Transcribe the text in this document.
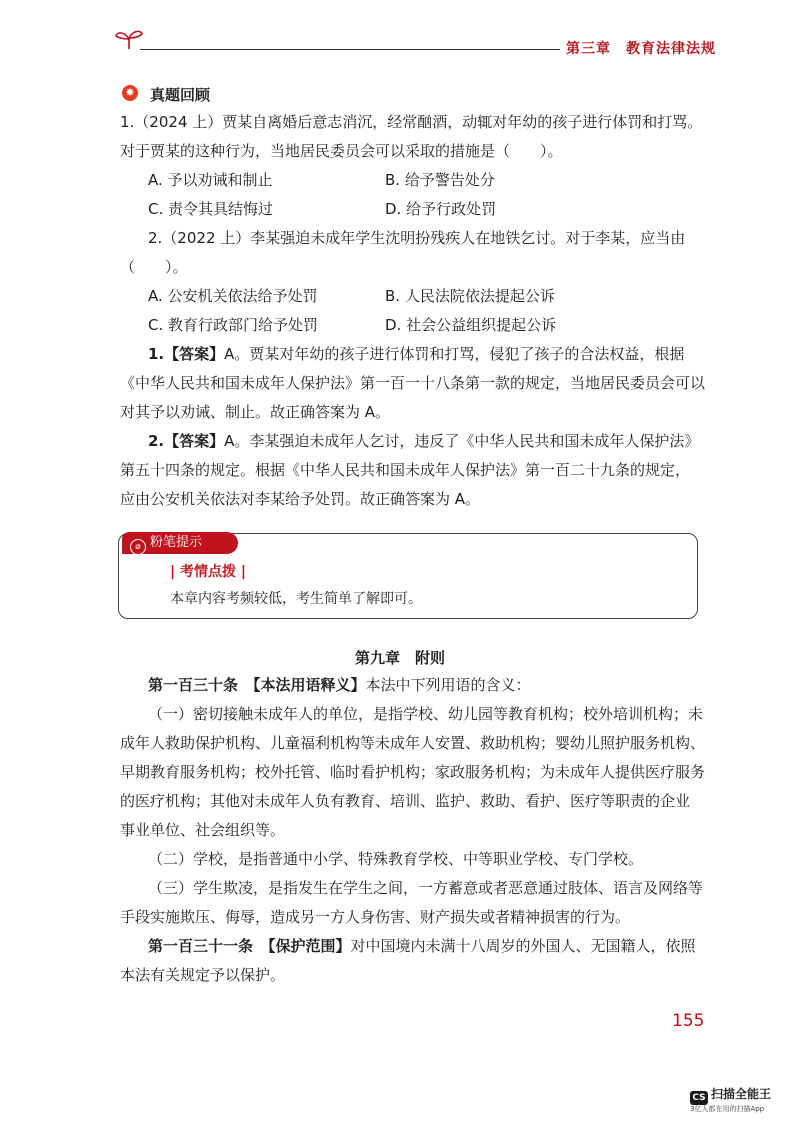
第三章　教育法律法规
✸ 真题回顾
1.（2024 上）贾某自离婚后意志消沉，经常酗酒，动辄对年幼的孩子进行体罚和打骂。
对于贾某的这种行为，当地居民委员会可以采取的措施是（　　）。
A. 予以劝诫和制止	B. 给予警告处分
C. 责令其具结悔过	D. 给予行政处罚
2.（2022 上）李某强迫未成年学生沈明扮残疾人在地铁乞讨。对于李某，应当由
（　　）。
A. 公安机关依法给予处罚	B. 人民法院依法提起公诉
C. 教育行政部门给予处罚	D. 社会公益组织提起公诉
1.【答案】A。贾某对年幼的孩子进行体罚和打骂，侵犯了孩子的合法权益，根据
《中华人民共和国未成年人保护法》第一百一十八条第一款的规定，当地居民委员会可以
对其予以劝诫、制止。故正确答案为 A。
2.【答案】A。李某强迫未成年人乞讨，违反了《中华人民共和国未成年人保护法》
第五十四条的规定。根据《中华人民共和国未成年人保护法》第一百二十九条的规定，
应由公安机关依法对李某给予处罚。故正确答案为 A。
⌀ 粉笔提示
| 考情点拨 |
本章内容考频较低，考生简单了解即可。
第九章　附则
第一百三十条　【本法用语释义】本法中下列用语的含义：
（一）密切接触未成年人的单位，是指学校、幼儿园等教育机构；校外培训机构；未
成年人救助保护机构、儿童福利机构等未成年人安置、救助机构；婴幼儿照护服务机构、
早期教育服务机构；校外托管、临时看护机构；家政服务机构；为未成年人提供医疗服务
的医疗机构；其他对未成年人负有教育、培训、监护、救助、看护、医疗等职责的企业
事业单位、社会组织等。
（二）学校，是指普通中小学、特殊教育学校、中等职业学校、专门学校。
（三）学生欺凌，是指发生在学生之间，一方蓄意或者恶意通过肢体、语言及网络等
手段实施欺压、侮辱，造成另一方人身伤害、财产损失或者精神损害的行为。
第一百三十一条　【保护范围】对中国境内未满十八周岁的外国人、无国籍人，依照
本法有关规定予以保护。
155
CS 扫描全能王
3亿人都在用的扫描App
